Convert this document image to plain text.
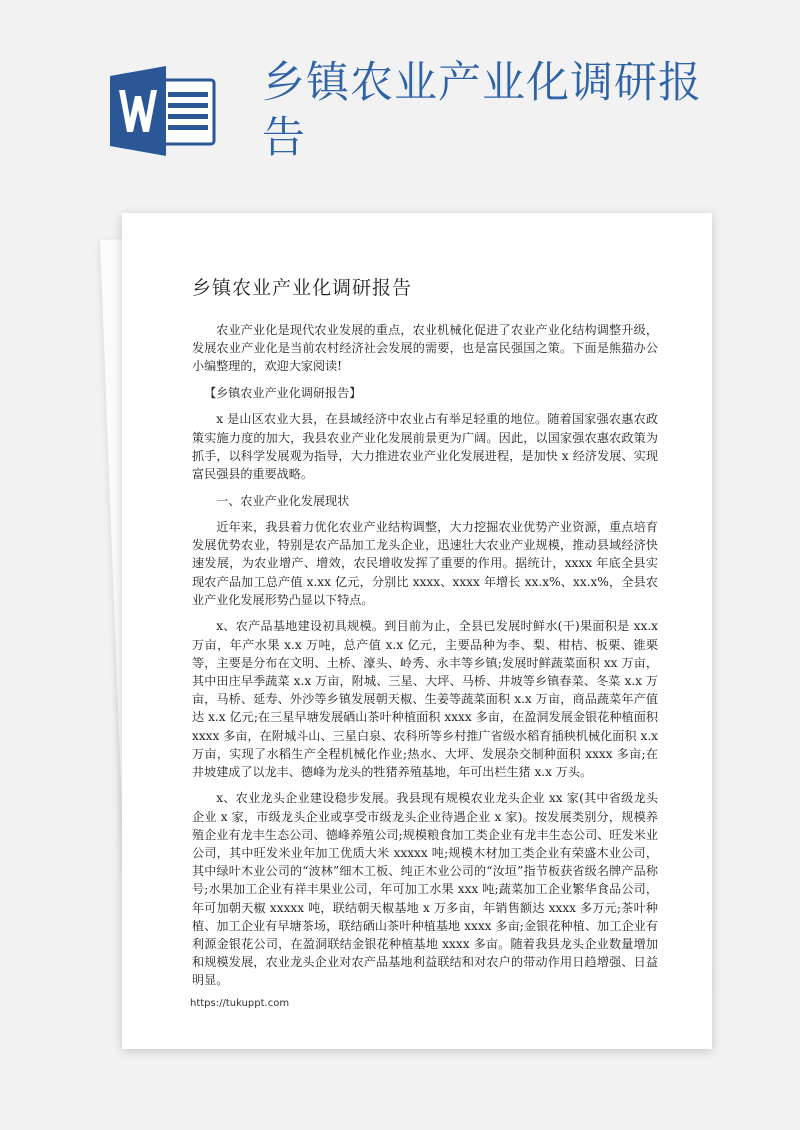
乡镇农业产业化调研报告
乡镇农业产业化调研报告

农业产业化是现代农业发展的重点，农业机械化促进了农业产业化结构调整升级，发展农业产业化是当前农村经济社会发展的需要，也是富民强国之策。下面是熊猫办公小编整理的，欢迎大家阅读!

【乡镇农业产业化调研报告】

x 是山区农业大县，在县域经济中农业占有举足轻重的地位。随着国家强农惠农政策实施力度的加大，我县农业产业化发展前景更为广阔。因此，以国家强农惠农政策为抓手，以科学发展观为指导，大力推进农业产业化发展进程，是加快 x 经济发展、实现富民强县的重要战略。

一、农业产业化发展现状

近年来，我县着力优化农业产业结构调整，大力挖掘农业优势产业资源，重点培育发展优势农业，特别是农产品加工龙头企业，迅速壮大农业产业规模，推动县域经济快速发展，为农业增产、增效，农民增收发挥了重要的作用。据统计，xxxx 年底全县实现农产品加工总产值 x.xx 亿元，分别比 xxxx、xxxx 年增长 xx.x%、xx.x%，全县农业产业化发展形势凸显以下特点。

x、农产品基地建设初具规模。到目前为止，全县已发展时鲜水(干)果面积是 xx.x 万亩，年产水果 x.x 万吨，总产值 x.x 亿元，主要品种为李、梨、柑桔、板栗、锥栗等，主要是分布在文明、土桥、濠头、岭秀、永丰等乡镇;发展时鲜蔬菜面积 xx 万亩，其中田庄早季蔬菜 x.x 万亩，附城、三星、大坪、马桥、井坡等乡镇春菜、冬菜 x.x 万亩，马桥、延寿、外沙等乡镇发展朝天椒、生姜等蔬菜面积 x.x 万亩，商品蔬菜年产值达 x.x 亿元;在三星早塘发展硒山茶叶种植面积 xxxx 多亩，在盈洞发展金银花种植面积 xxxx 多亩，在附城斗山、三星白泉、农科所等乡村推广省级水稻育插秧机械化面积 x.x 万亩，实现了水稻生产全程机械化作业;热水、大坪、发展杂交制种面积 xxxx 多亩;在井坡建成了以龙丰、德峰为龙头的牲猪养殖基地，年可出栏生猪 x.x 万头。

x、农业龙头企业建设稳步发展。我县现有规模农业龙头企业 xx 家(其中省级龙头企业 x 家，市级龙头企业或享受市级龙头企业待遇企业 x 家)。按发展类别分，规模养殖企业有龙丰生态公司、德峰养殖公司;规模粮食加工类企业有龙丰生态公司、旺发米业公司，其中旺发米业年加工优质大米 xxxxx 吨;规模木材加工类企业有荣盛木业公司，其中绿叶木业公司的“波林”细木工板、纯正木业公司的“汝垣”指节板获省级名牌产品称号;水果加工企业有祥丰果业公司，年可加工水果 xxx 吨;蔬菜加工企业繁华食品公司，年可加朝天椒 xxxxx 吨，联结朝天椒基地 x 万多亩，年销售额达 xxxx 多万元;茶叶种植、加工企业有早塘茶场，联结硒山茶叶种植基地 xxxx 多亩;金银花种植、加工企业有利源金银花公司，在盈洞联结金银花种植基地 xxxx 多亩。随着我县龙头企业数量增加和规模发展，农业龙头企业对农产品基地利益联结和对农户的带动作用日趋增强、日益明显。

https://tukuppt.com
